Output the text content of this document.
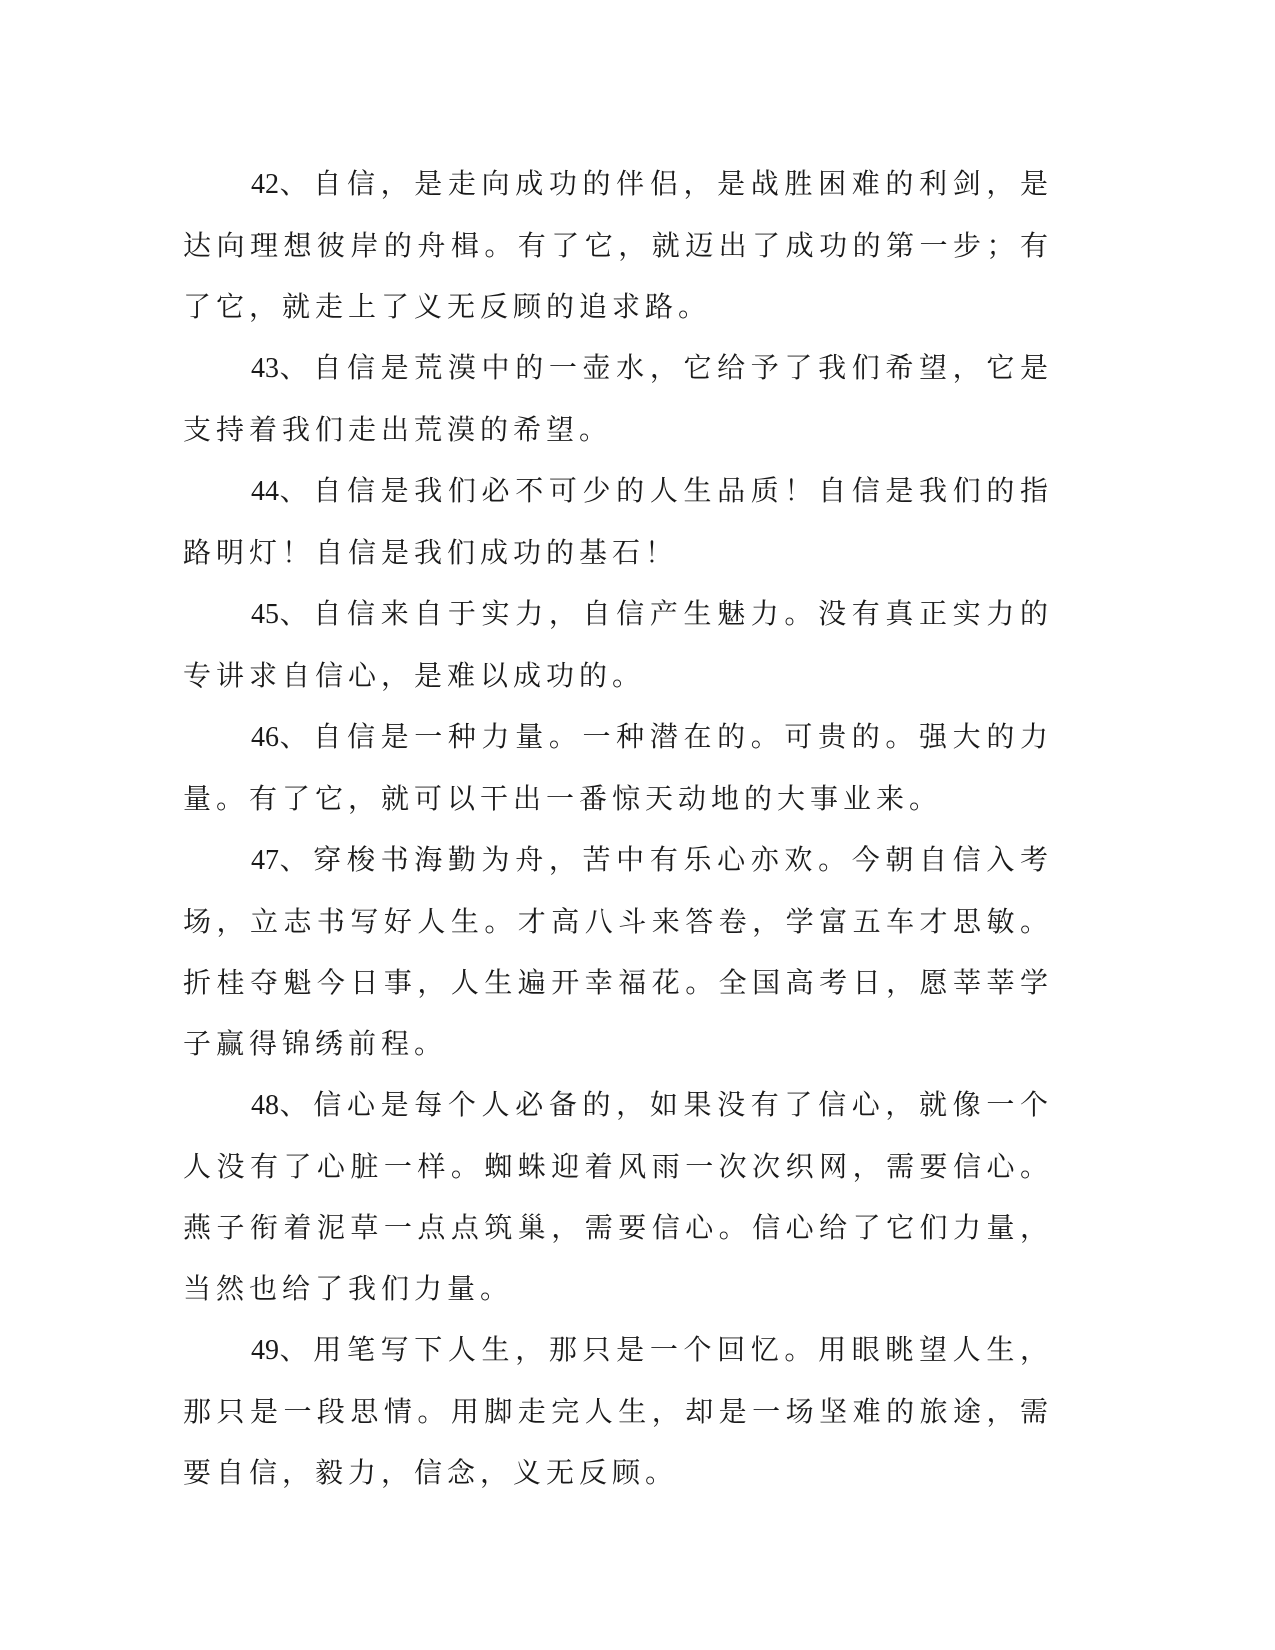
42、自信，是走向成功的伴侣，是战胜困难的利剑，是达向理想彼岸的舟楫。有了它，就迈出了成功的第一步；有了它，就走上了义无反顾的追求路。

43、自信是荒漠中的一壶水，它给予了我们希望，它是支持着我们走出荒漠的希望。

44、自信是我们必不可少的人生品质！自信是我们的指路明灯！自信是我们成功的基石！

45、自信来自于实力，自信产生魅力。没有真正实力的专讲求自信心，是难以成功的。

46、自信是一种力量。一种潜在的。可贵的。强大的力量。有了它，就可以干出一番惊天动地的大事业来。

47、穿梭书海勤为舟，苦中有乐心亦欢。今朝自信入考场，立志书写好人生。才高八斗来答卷，学富五车才思敏。折桂夺魁今日事，人生遍开幸福花。全国高考日，愿莘莘学子赢得锦绣前程。

48、信心是每个人必备的，如果没有了信心，就像一个人没有了心脏一样。蜘蛛迎着风雨一次次织网，需要信心。燕子衔着泥草一点点筑巢，需要信心。信心给了它们力量，当然也给了我们力量。

49、用笔写下人生，那只是一个回忆。用眼眺望人生，那只是一段思情。用脚走完人生，却是一场坚难的旅途，需要自信，毅力，信念，义无反顾。
